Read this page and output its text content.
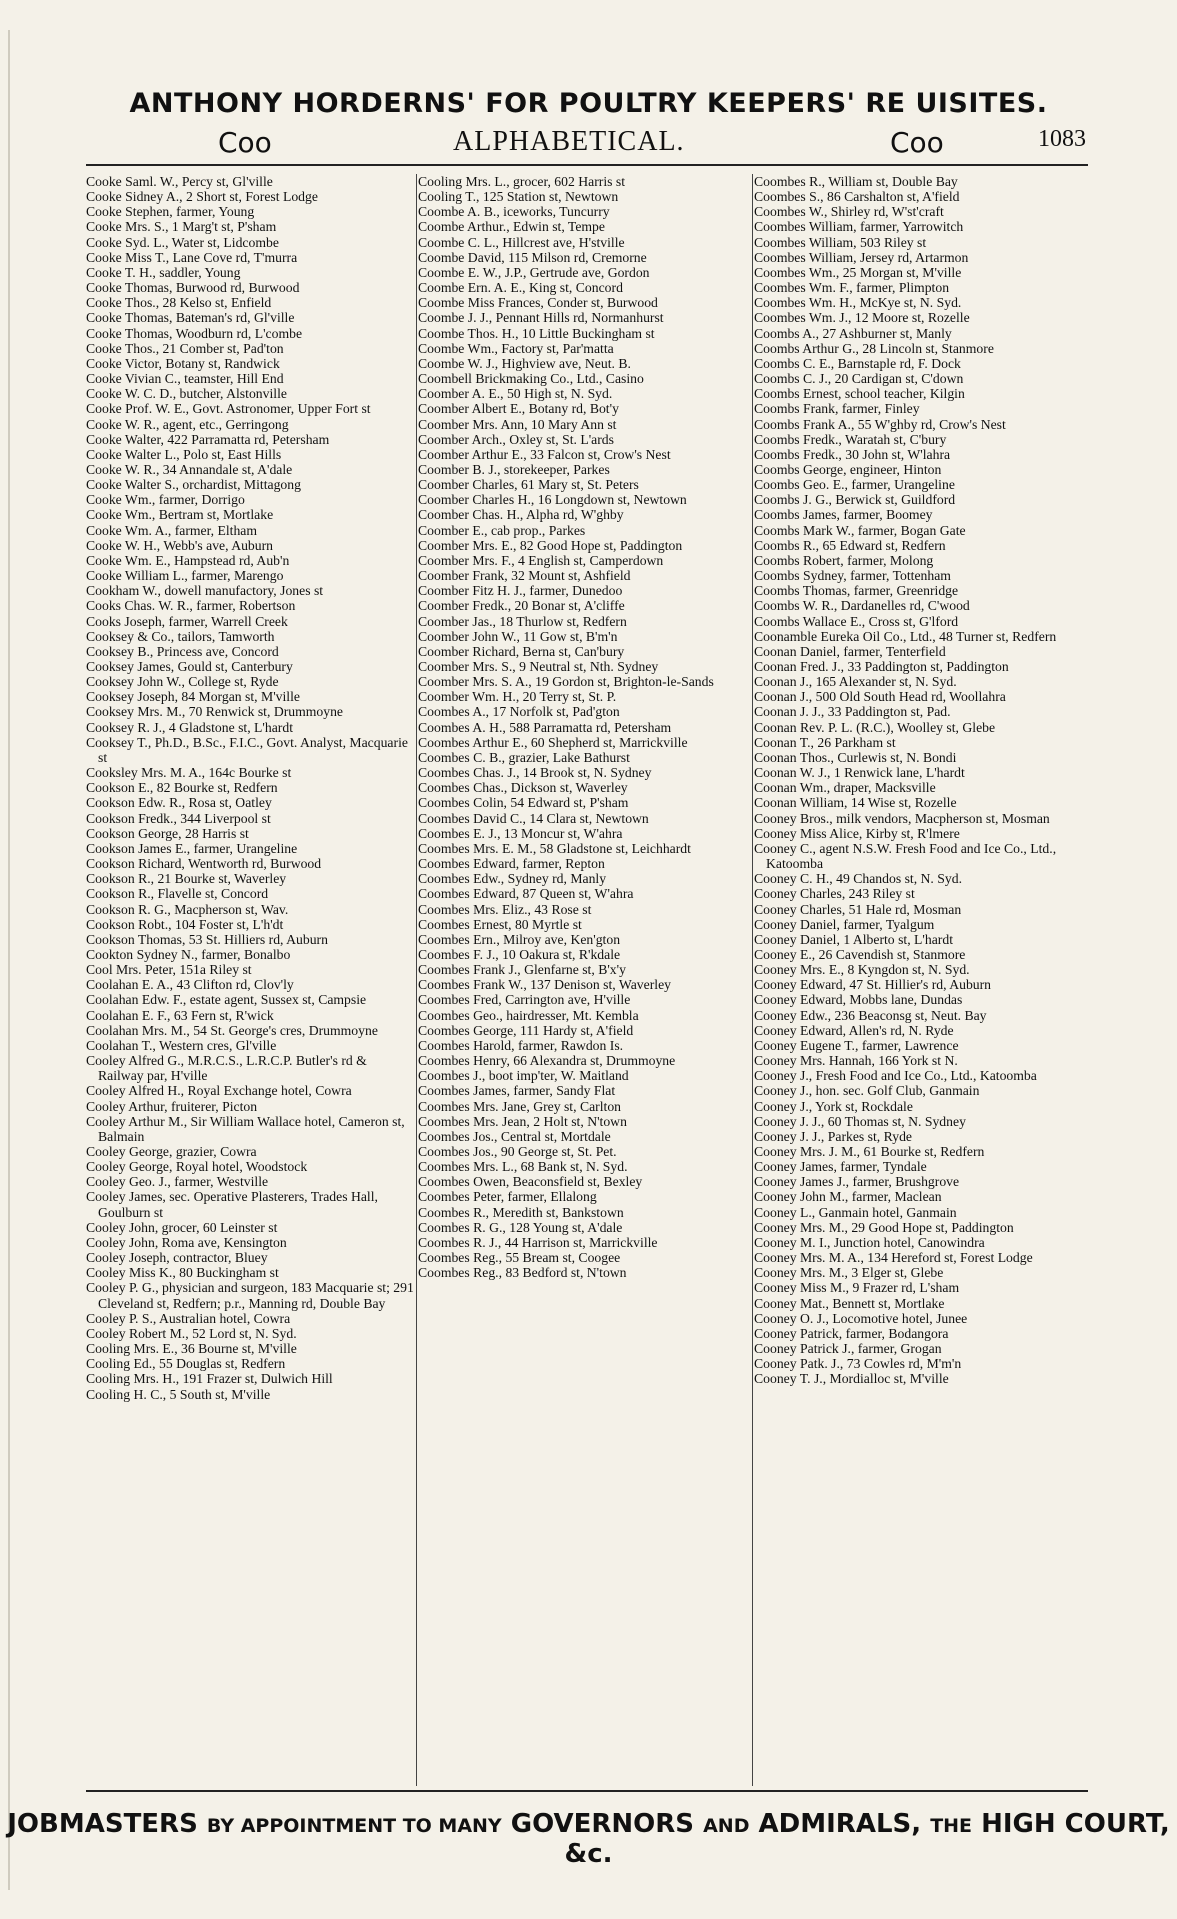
ANTHONY HORDERNS' FOR POULTRY KEEPERS' RE UISITES.
Coo	ALPHABETICAL.	Coo	1083
Cooke Saml. W., Percy st, Gl'ville
Cooke Sidney A., 2 Short st, Forest Lodge
Cooke Stephen, farmer, Young
Cooke Mrs. S., 1 Marg't st, P'sham
Cooke Syd. L., Water st, Lidcombe
Cooke Miss T., Lane Cove rd, T'murra
Cooke T. H., saddler, Young
Cooke Thomas, Burwood rd, Burwood
Cooke Thos., 28 Kelso st, Enfield
Cooke Thomas, Bateman's rd, Gl'ville
Cooke Thomas, Woodburn rd, L'combe
Cooke Thos., 21 Comber st, Pad'ton
Cooke Victor, Botany st, Randwick
Cooke Vivian C., teamster, Hill End
Cooke W. C. D., butcher, Alstonville
Cooke Prof. W. E., Govt. Astronomer, Upper Fort st
Cooke W. R., agent, etc., Gerringong
Cooke Walter, 422 Parramatta rd, Petersham
Cooke Walter L., Polo st, East Hills
Cooke W. R., 34 Annandale st, A'dale
Cooke Walter S., orchardist, Mittagong
Cooke Wm., farmer, Dorrigo
Cooke Wm., Bertram st, Mortlake
Cooke Wm. A., farmer, Eltham
Cooke W. H., Webb's ave, Auburn
Cooke Wm. E., Hampstead rd, Aub'n
Cooke William L., farmer, Marengo
Cookham W., dowell manufactory, Jones st
Cooks Chas. W. R., farmer, Robertson
Cooks Joseph, farmer, Warrell Creek
Cooksey & Co., tailors, Tamworth
Cooksey B., Princess ave, Concord
Cooksey James, Gould st, Canterbury
Cooksey John W., College st, Ryde
Cooksey Joseph, 84 Morgan st, M'ville
Cooksey Mrs. M., 70 Renwick st, Drummoyne
Cooksey R. J., 4 Gladstone st, L'hardt
Cooksey T., Ph.D., B.Sc., F.I.C., Govt. Analyst, Macquarie st
Cooksley Mrs. M. A., 164c Bourke st
Cookson E., 82 Bourke st, Redfern
Cookson Edw. R., Rosa st, Oatley
Cookson Fredk., 344 Liverpool st
Cookson George, 28 Harris st
Cookson James E., farmer, Urangeline
Cookson Richard, Wentworth rd, Burwood
Cookson R., 21 Bourke st, Waverley
Cookson R., Flavelle st, Concord
Cookson R. G., Macpherson st, Wav.
Cookson Robt., 104 Foster st, L'h'dt
Cookson Thomas, 53 St. Hilliers rd, Auburn
Cookton Sydney N., farmer, Bonalbo
Cool Mrs. Peter, 151a Riley st
Coolahan E. A., 43 Clifton rd, Clov'ly
Coolahan Edw. F., estate agent, Sussex st, Campsie
Coolahan E. F., 63 Fern st, R'wick
Coolahan Mrs. M., 54 St. George's cres, Drummoyne
Coolahan T., Western cres, Gl'ville
Cooley Alfred G., M.R.C.S., L.R.C.P. Butler's rd & Railway par, H'ville
Cooley Alfred H., Royal Exchange hotel, Cowra
Cooley Arthur, fruiterer, Picton
Cooley Arthur M., Sir William Wallace hotel, Cameron st, Balmain
Cooley George, grazier, Cowra
Cooley George, Royal hotel, Woodstock
Cooley Geo. J., farmer, Westville
Cooley James, sec. Operative Plasterers, Trades Hall, Goulburn st
Cooley John, grocer, 60 Leinster st
Cooley John, Roma ave, Kensington
Cooley Joseph, contractor, Bluey
Cooley Miss K., 80 Buckingham st
Cooley P. G., physician and surgeon, 183 Macquarie st; 291 Cleveland st, Redfern; p.r., Manning rd, Double Bay
Cooley P. S., Australian hotel, Cowra
Cooley Robert M., 52 Lord st, N. Syd.
Cooling Mrs. E., 36 Bourne st, M'ville
Cooling Ed., 55 Douglas st, Redfern
Cooling Mrs. H., 191 Frazer st, Dulwich Hill
Cooling H. C., 5 South st, M'ville
Cooling Mrs. L., grocer, 602 Harris st
Cooling T., 125 Station st, Newtown
Coombe A. B., iceworks, Tuncurry
Coombe Arthur., Edwin st, Tempe
Coombe C. L., Hillcrest ave, H'stville
Coombe David, 115 Milson rd, Cremorne
Coombe E. W., J.P., Gertrude ave, Gordon
Coombe Ern. A. E., King st, Concord
Coombe Miss Frances, Conder st, Burwood
Coombe J. J., Pennant Hills rd, Normanhurst
Coombe Thos. H., 10 Little Buckingham st
Coombe Wm., Factory st, Par'matta
Coombe W. J., Highview ave, Neut. B.
Coombell Brickmaking Co., Ltd., Casino
Coomber A. E., 50 High st, N. Syd.
Coomber Albert E., Botany rd, Bot'y
Coomber Mrs. Ann, 10 Mary Ann st
Coomber Arch., Oxley st, St. L'ards
Coomber Arthur E., 33 Falcon st, Crow's Nest
Coomber B. J., storekeeper, Parkes
Coomber Charles, 61 Mary st, St. Peters
Coomber Charles H., 16 Longdown st, Newtown
Coomber Chas. H., Alpha rd, W'ghby
Coomber E., cab prop., Parkes
Coomber Mrs. E., 82 Good Hope st, Paddington
Coomber Mrs. F., 4 English st, Camperdown
Coomber Frank, 32 Mount st, Ashfield
Coomber Fitz H. J., farmer, Dunedoo
Coomber Fredk., 20 Bonar st, A'cliffe
Coomber Jas., 18 Thurlow st, Redfern
Coomber John W., 11 Gow st, B'm'n
Coomber Richard, Berna st, Can'bury
Coomber Mrs. S., 9 Neutral st, Nth. Sydney
Coomber Mrs. S. A., 19 Gordon st, Brighton-le-Sands
Coomber Wm. H., 20 Terry st, St. P.
Coombes A., 17 Norfolk st, Pad'gton
Coombes A. H., 588 Parramatta rd, Petersham
Coombes Arthur E., 60 Shepherd st, Marrickville
Coombes C. B., grazier, Lake Bathurst
Coombes Chas. J., 14 Brook st, N. Sydney
Coombes Chas., Dickson st, Waverley
Coombes Colin, 54 Edward st, P'sham
Coombes David C., 14 Clara st, Newtown
Coombes E. J., 13 Moncur st, W'ahra
Coombes Mrs. E. M., 58 Gladstone st, Leichhardt
Coombes Edward, farmer, Repton
Coombes Edw., Sydney rd, Manly
Coombes Edward, 87 Queen st, W'ahra
Coombes Mrs. Eliz., 43 Rose st
Coombes Ernest, 80 Myrtle st
Coombes Ern., Milroy ave, Ken'gton
Coombes F. J., 10 Oakura st, R'kdale
Coombes Frank J., Glenfarne st, B'x'y
Coombes Frank W., 137 Denison st, Waverley
Coombes Fred, Carrington ave, H'ville
Coombes Geo., hairdresser, Mt. Kembla
Coombes George, 111 Hardy st, A'field
Coombes Harold, farmer, Rawdon Is.
Coombes Henry, 66 Alexandra st, Drummoyne
Coombes J., boot imp'ter, W. Maitland
Coombes James, farmer, Sandy Flat
Coombes Mrs. Jane, Grey st, Carlton
Coombes Mrs. Jean, 2 Holt st, N'town
Coombes Jos., Central st, Mortdale
Coombes Jos., 90 George st, St. Pet.
Coombes Mrs. L., 68 Bank st, N. Syd.
Coombes Owen, Beaconsfield st, Bexley
Coombes Peter, farmer, Ellalong
Coombes R., Meredith st, Bankstown
Coombes R. G., 128 Young st, A'dale
Coombes R. J., 44 Harrison st, Marrickville
Coombes Reg., 55 Bream st, Coogee
Coombes Reg., 83 Bedford st, N'town
Coombes R., William st, Double Bay
Coombes S., 86 Carshalton st, A'field
Coombes W., Shirley rd, W'st'craft
Coombes William, farmer, Yarrowitch
Coombes William, 503 Riley st
Coombes William, Jersey rd, Artarmon
Coombes Wm., 25 Morgan st, M'ville
Coombes Wm. F., farmer, Plimpton
Coombes Wm. H., McKye st, N. Syd.
Coombes Wm. J., 12 Moore st, Rozelle
Coombs A., 27 Ashburner st, Manly
Coombs Arthur G., 28 Lincoln st, Stanmore
Coombs C. E., Barnstaple rd, F. Dock
Coombs C. J., 20 Cardigan st, C'down
Coombs Ernest, school teacher, Kilgin
Coombs Frank, farmer, Finley
Coombs Frank A., 55 W'ghby rd, Crow's Nest
Coombs Fredk., Waratah st, C'bury
Coombs Fredk., 30 John st, W'lahra
Coombs George, engineer, Hinton
Coombs Geo. E., farmer, Urangeline
Coombs J. G., Berwick st, Guildford
Coombs James, farmer, Boomey
Coombs Mark W., farmer, Bogan Gate
Coombs R., 65 Edward st, Redfern
Coombs Robert, farmer, Molong
Coombs Sydney, farmer, Tottenham
Coombs Thomas, farmer, Greenridge
Coombs W. R., Dardanelles rd, C'wood
Coombs Wallace E., Cross st, G'lford
Coonamble Eureka Oil Co., Ltd., 48 Turner st, Redfern
Coonan Daniel, farmer, Tenterfield
Coonan Fred. J., 33 Paddington st, Paddington
Coonan J., 165 Alexander st, N. Syd.
Coonan J., 500 Old South Head rd, Woollahra
Coonan J. J., 33 Paddington st, Pad.
Coonan Rev. P. L. (R.C.), Woolley st, Glebe
Coonan T., 26 Parkham st
Coonan Thos., Curlewis st, N. Bondi
Coonan W. J., 1 Renwick lane, L'hardt
Coonan Wm., draper, Macksville
Coonan William, 14 Wise st, Rozelle
Cooney Bros., milk vendors, Macpherson st, Mosman
Cooney Miss Alice, Kirby st, R'lmere
Cooney C., agent N.S.W. Fresh Food and Ice Co., Ltd., Katoomba
Cooney C. H., 49 Chandos st, N. Syd.
Cooney Charles, 243 Riley st
Cooney Charles, 51 Hale rd, Mosman
Cooney Daniel, farmer, Tyalgum
Cooney Daniel, 1 Alberto st, L'hardt
Cooney E., 26 Cavendish st, Stanmore
Cooney Mrs. E., 8 Kyngdon st, N. Syd.
Cooney Edward, 47 St. Hillier's rd, Auburn
Cooney Edward, Mobbs lane, Dundas
Cooney Edw., 236 Beaconsg st, Neut. Bay
Cooney Edward, Allen's rd, N. Ryde
Cooney Eugene T., farmer, Lawrence
Cooney Mrs. Hannah, 166 York st N.
Cooney J., Fresh Food and Ice Co., Ltd., Katoomba
Cooney J., hon. sec. Golf Club, Ganmain
Cooney J., York st, Rockdale
Cooney J. J., 60 Thomas st, N. Sydney
Cooney J. J., Parkes st, Ryde
Cooney Mrs. J. M., 61 Bourke st, Redfern
Cooney James, farmer, Tyndale
Cooney James J., farmer, Brushgrove
Cooney John M., farmer, Maclean
Cooney L., Ganmain hotel, Ganmain
Cooney Mrs. M., 29 Good Hope st, Paddington
Cooney M. I., Junction hotel, Canowindra
Cooney Mrs. M. A., 134 Hereford st, Forest Lodge
Cooney Mrs. M., 3 Elger st, Glebe
Cooney Miss M., 9 Frazer rd, L'sham
Cooney Mat., Bennett st, Mortlake
Cooney O. J., Locomotive hotel, Junee
Cooney Patrick, farmer, Bodangora
Cooney Patrick J., farmer, Grogan
Cooney Patk. J., 73 Cowles rd, M'm'n
Cooney T. J., Mordialloc st, M'ville
JOBMASTERS BY APPOINTMENT TO MANY GOVERNORS AND ADMIRALS, THE HIGH COURT, &c.
